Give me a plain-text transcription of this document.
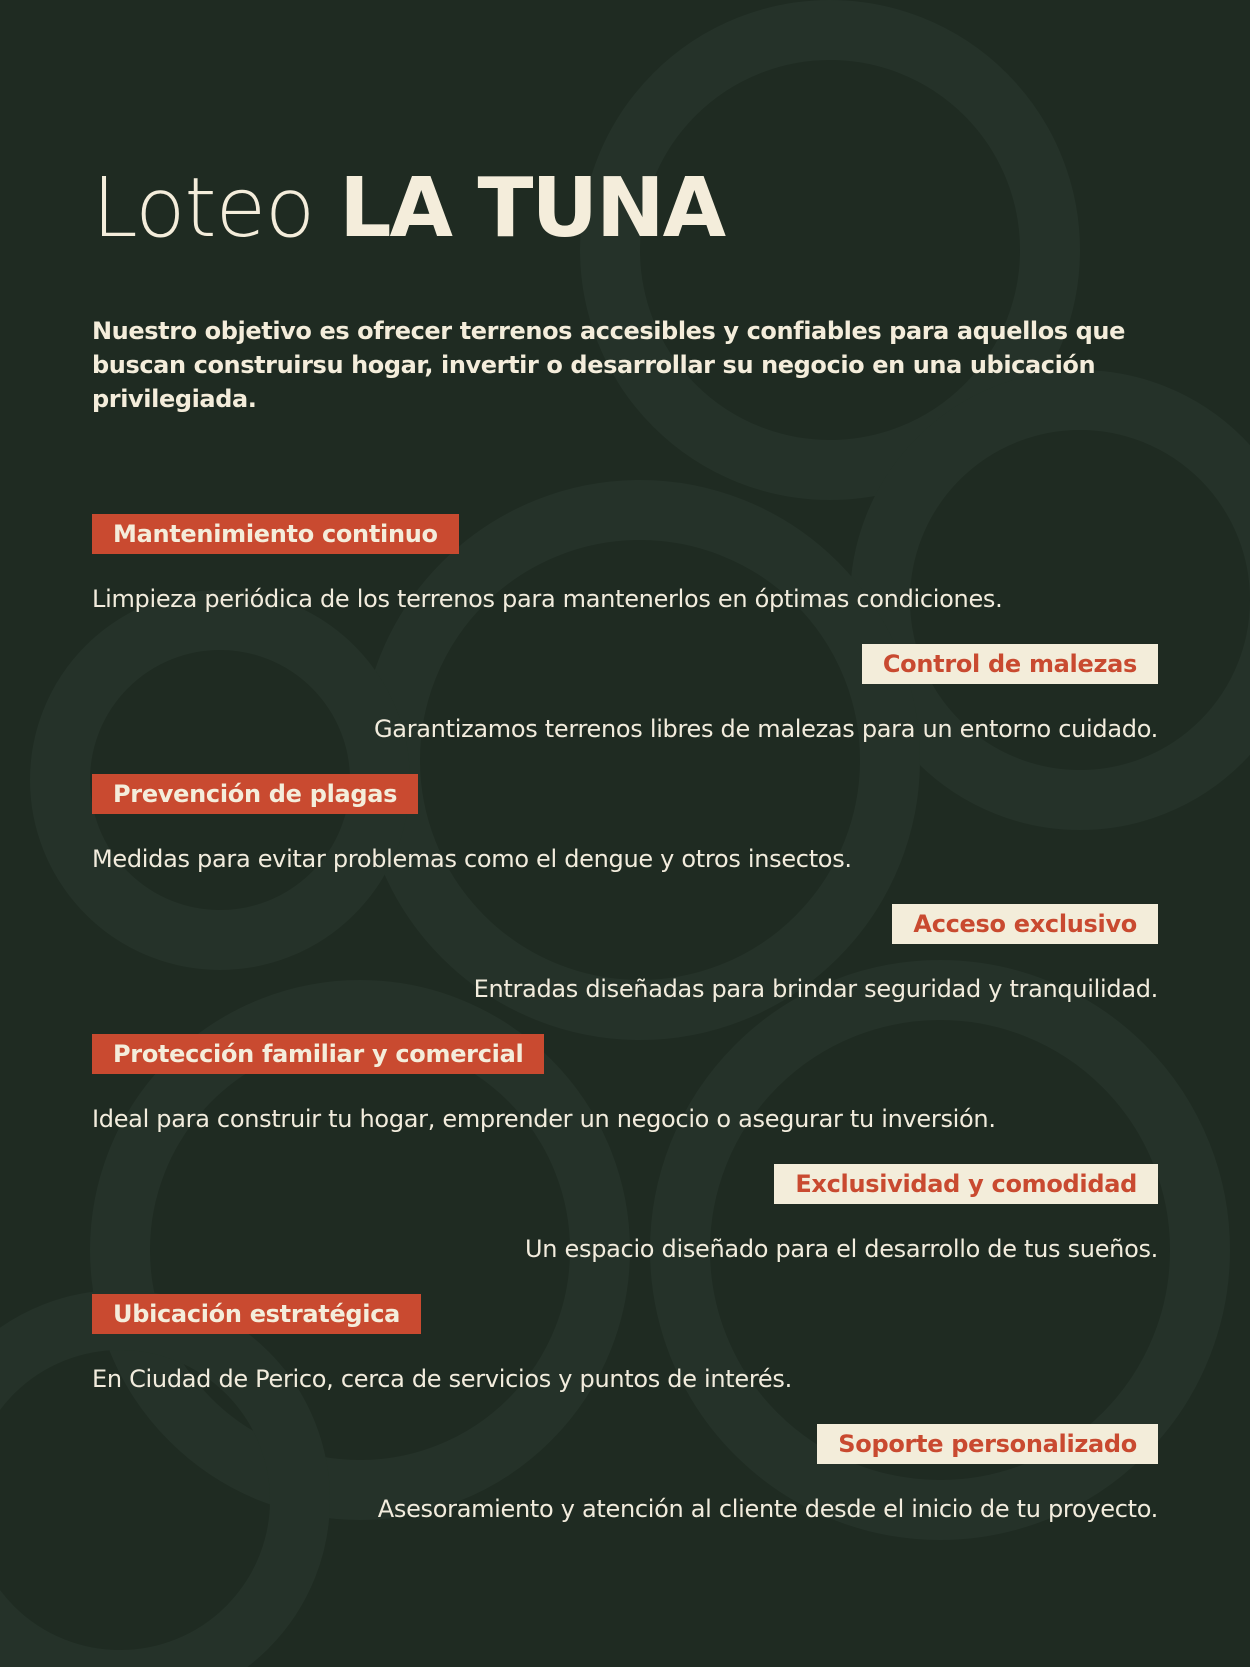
Loteo LA TUNA

Nuestro objetivo es ofrecer terrenos accesibles y confiables para aquellos que buscan construirsu hogar, invertir o desarrollar su negocio en una ubicación privilegiada.

Mantenimiento continuo
Limpieza periódica de los terrenos para mantenerlos en óptimas condiciones.
Control de malezas
Garantizamos terrenos libres de malezas para un entorno cuidado.
Prevención de plagas
Medidas para evitar problemas como el dengue y otros insectos.
Acceso exclusivo
Entradas diseñadas para brindar seguridad y tranquilidad.
Protección familiar y comercial
Ideal para construir tu hogar, emprender un negocio o asegurar tu inversión.
Exclusividad y comodidad
Un espacio diseñado para el desarrollo de tus sueños.
Ubicación estratégica
En Ciudad de Perico, cerca de servicios y puntos de interés.
Soporte personalizado
Asesoramiento y atención al cliente desde el inicio de tu proyecto.
